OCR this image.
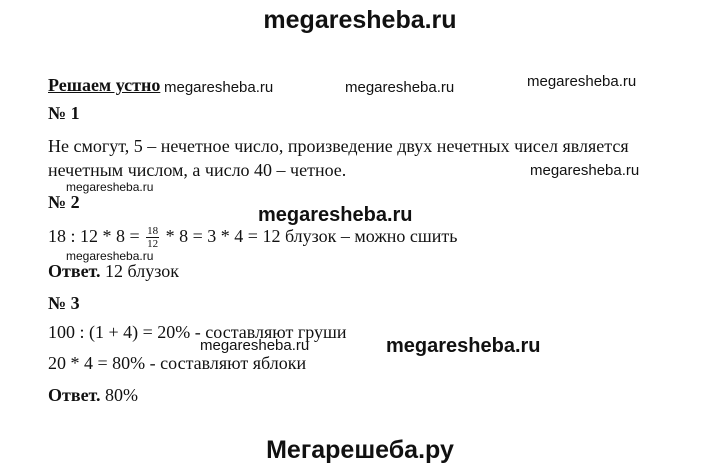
megaresheba.ru
Решаем устно megaresheba.ru	megaresheba.ru	megaresheba.ru
№ 1
Не смогут, 5 – нечетное число, произведение двух нечетных чисел является
нечетным числом, а число 40 – четное.	megaresheba.ru
megaresheba.ru
№ 2
megaresheba.ru
18 : $12 * 8 = \frac{18}{12} * 8 = 3 * 4 = 12$ блузок – можно сшить
megaresheba.ru
Ответ. 12 блузок
№ 3
100 : (1 + 4) = 20% - составляют груши
megaresheba.ru	megaresheba.ru
20 * 4 = 80% - составляют яблоки
Ответ. 80%
Мегарешеба.ру
